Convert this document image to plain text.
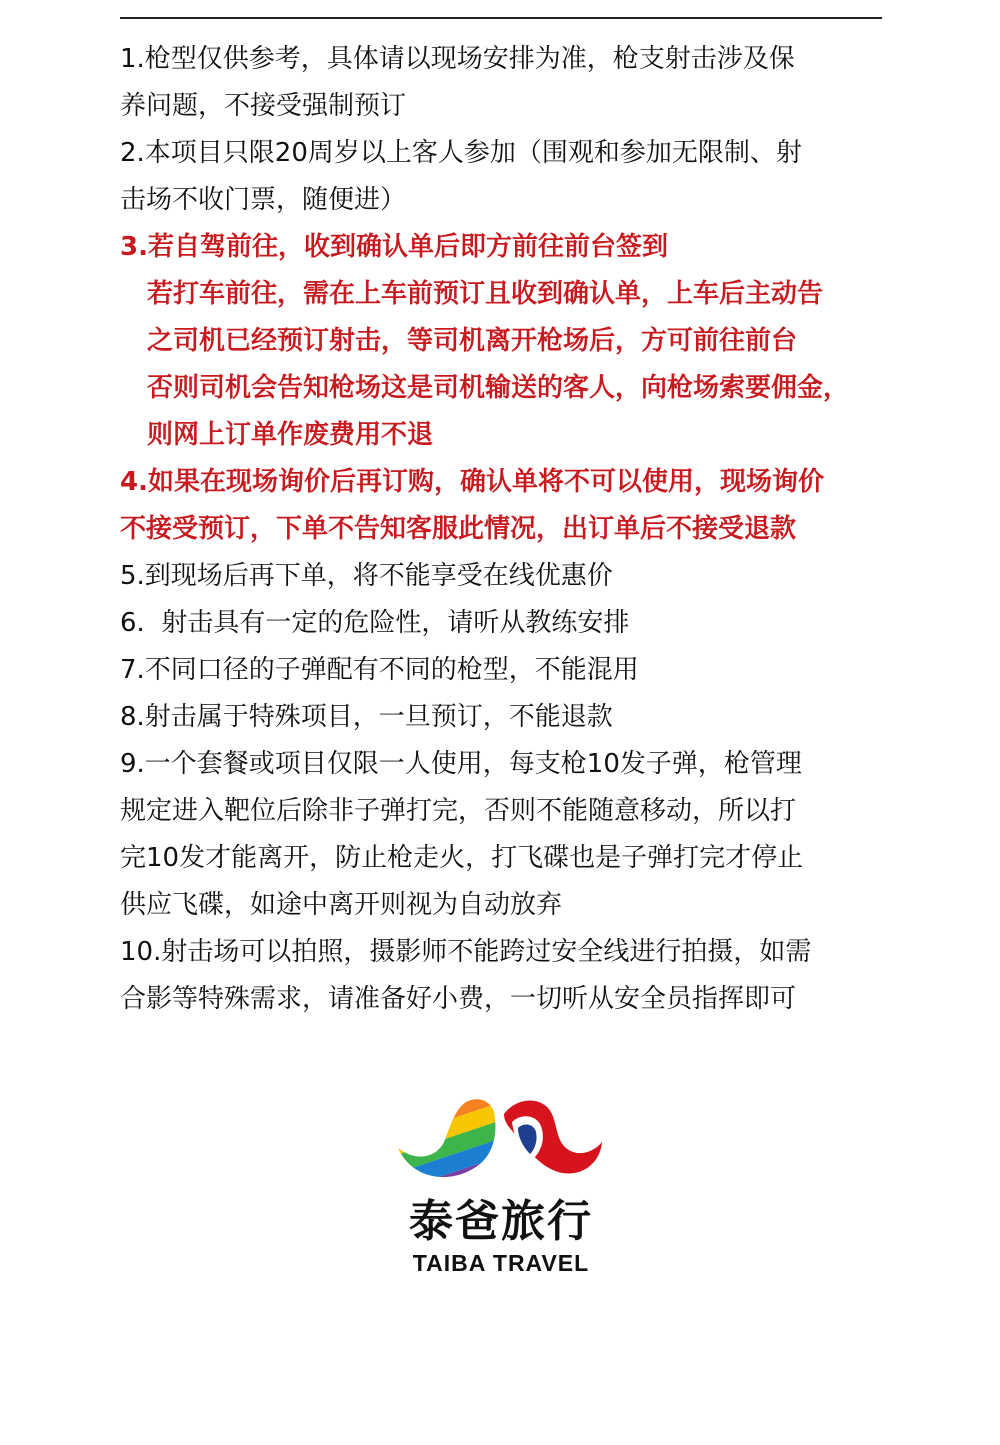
1.枪型仅供参考，具体请以现场安排为准，枪支射击涉及保
养问题，不接受强制预订
2.本项目只限20周岁以上客人参加（围观和参加无限制、射
击场不收门票，随便进）
3.若自驾前往，收到确认单后即方前往前台签到
若打车前往，需在上车前预订且收到确认单，上车后主动告
之司机已经预订射击，等司机离开枪场后，方可前往前台
否则司机会告知枪场这是司机输送的客人，向枪场索要佣金，
则网上订单作废费用不退
4.如果在现场询价后再订购，确认单将不可以使用，现场询价
不接受预订，下单不告知客服此情况，出订单后不接受退款
5.到现场后再下单，将不能享受在线优惠价
6.  射击具有一定的危险性，请听从教练安排
7.不同口径的子弹配有不同的枪型，不能混用
8.射击属于特殊项目，一旦预订，不能退款
9.一个套餐或项目仅限一人使用，每支枪10发子弹，枪管理
规定进入靶位后除非子弹打完，否则不能随意移动，所以打
完10发才能离开，防止枪走火，打飞碟也是子弹打完才停止
供应飞碟，如途中离开则视为自动放弃
10.射击场可以拍照，摄影师不能跨过安全线进行拍摄，如需
合影等特殊需求，请准备好小费，一切听从安全员指挥即可
泰爸旅行
TAIBA TRAVEL
